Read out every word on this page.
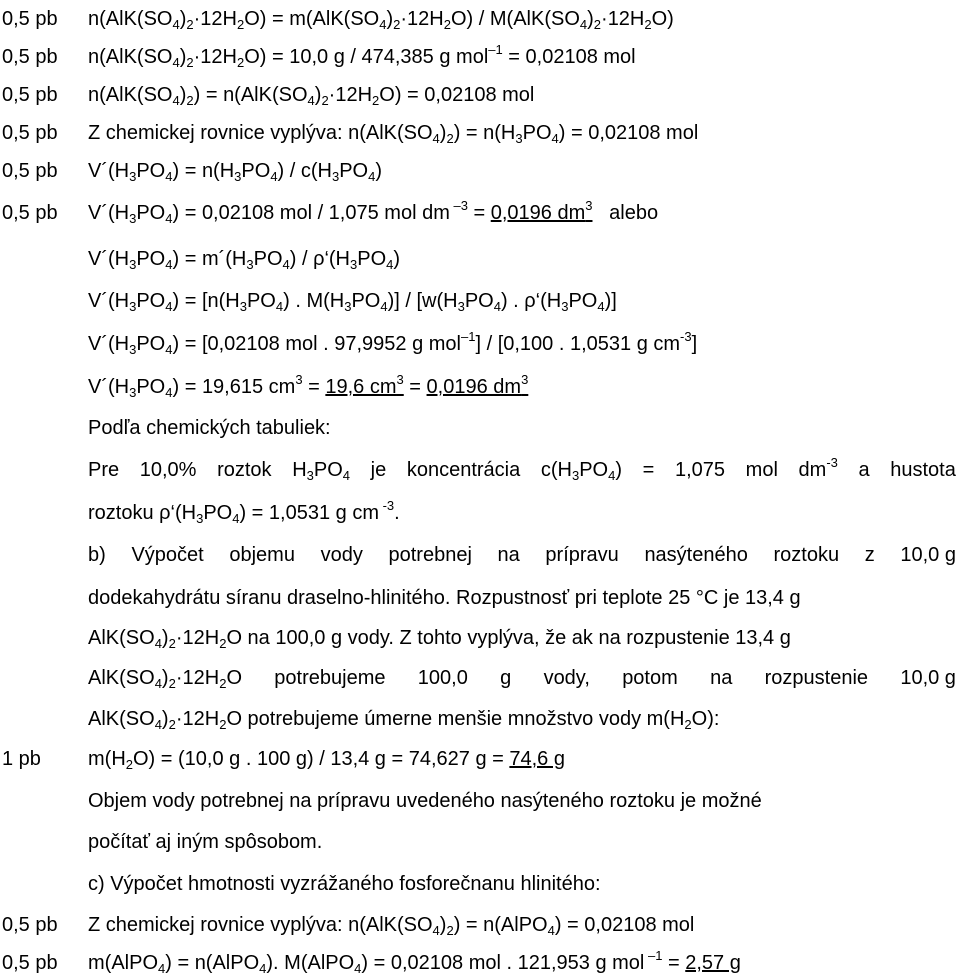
0,5 pb $n(AlK(SO_4)_2\cdot 12H_2O) = m(AlK(SO_4)_2\cdot 12H_2O) / M(AlK(SO_4)_2\cdot 12H_2O)$
0,5 pb $n(AlK(SO_4)_2\cdot 12H_2O) = 10,0$ g / 474,385 g mol$^{-1}$ = 0,02108 mol
0,5 pb $n(AlK(SO_4)_2) = n(AlK(SO_4)_2\cdot 12H_2O) = 0,02108$ mol
0,5 pb Z chemickej rovnice vyplýva: $n(AlK(SO_4)_2) = n(H_3PO_4) = 0,02108$ mol
0,5 pb $V´(H_3PO_4) = n(H_3PO_4) / c(H_3PO_4)$
0,5 pb $V´(H_3PO_4) = 0,02108$ mol / 1,075 mol dm $^{-3}$ = 0,0196 $dm^3$ alebo
$V´(H_3PO_4)$ = $m´(H_3PO_4)$ / $\rho‘(H_3PO_4)$
$V´(H_3PO_4) = [n(H_3PO_4)$ . $M(H_3PO_4)] / [w(H_3PO_4)$ . $\rho‘(H_3PO_4)$]
$V´(H_3PO_4) = [0,02108$ mol . 97,9952 g mol$^{-1}$] / [0,100 . 1,0531 g $cm^{-3}$]
$V´(H_3PO_4) = 19,615$ $cm^3 = 19,6$ $cm^3 = 0,0196$ $dm^3$
Podľa chemických tabuliek:
Pre 10,0% roztok $H_3PO_4$ je koncentrácia $c(H_3PO_4) = 1,075$ mol $dm^{-3}$ a hustota
roztoku $\rho‘(H_3PO_4) = 1,0531$ g cm $^{-3}$.
b) Výpočet objemu vody potrebnej na prípravu nasýteného roztoku z 10,0 g
dodekahydrátu síranu draselno-hlinitého. Rozpustnosť pri teplote 25 °C je 13,4 g
$AlK(SO_4)_2\cdot 12H_2O$ na 100,0 g vody. Z tohto vyplýva, že ak na rozpustenie 13,4 g
$AlK(SO_4)_2\cdot 12H_2O$ potrebujeme 100,0 g vody, potom na rozpustenie 10,0 g
$AlK(SO_4)_2\cdot 12H_2O$ potrebujeme úmerne menšie množstvo vody $m(H_2O)$:
1 pb $m(H_2O) = (10,0$ g . 100 g) / 13,4 g = 74,627 g = 74,6 g
Objem vody potrebnej na prípravu uvedeného nasýteného roztoku je možné
počítať aj iným spôsobom.
c) Výpočet hmotnosti vyzrážaného fosforečnanu hlinitého:
0,5 pb Z chemickej rovnice vyplýva: $n(AlK(SO_4)_2)$ = n(AlPO$_4$) = 0,02108 mol
0,5 pb m(AlPO$_4$) = n(AlPO$_4$). M(AlPO$_4$) = 0,02108 mol . 121,953 g mol $^{-1}$ = 2,57 g
